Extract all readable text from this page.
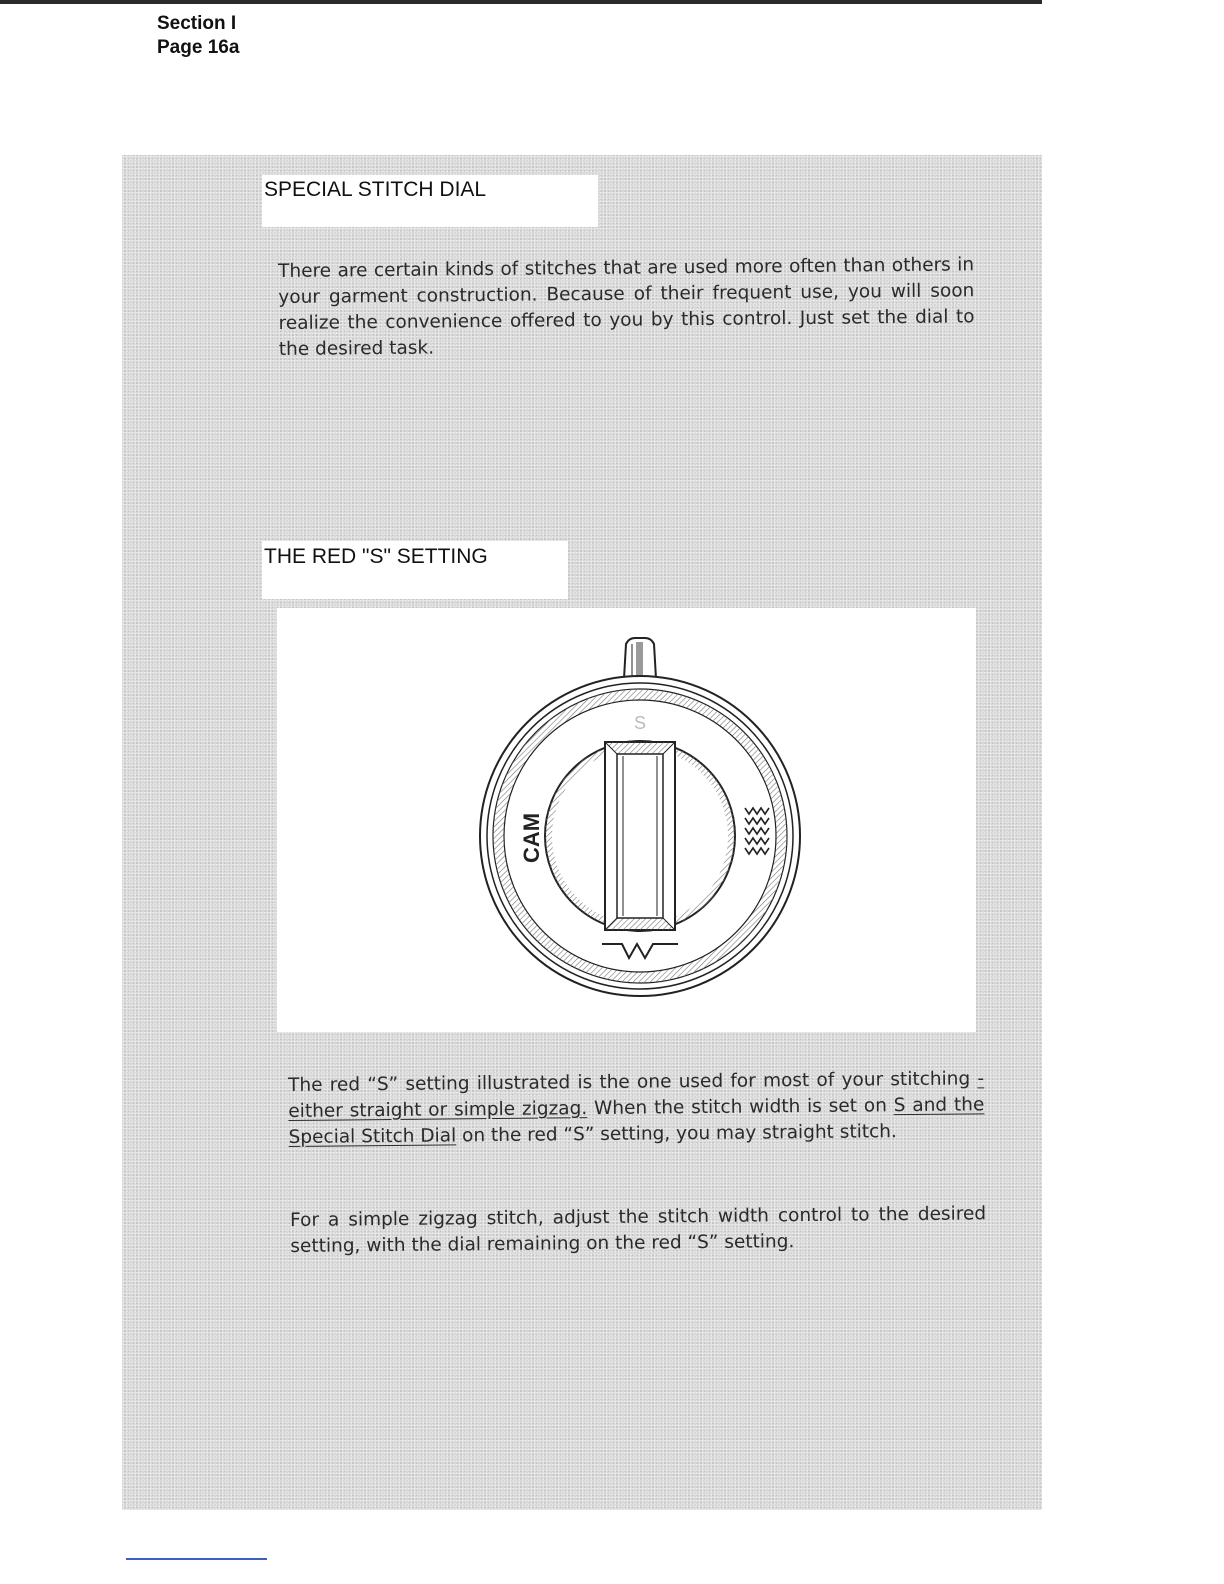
Section I
Page 16a
SPECIAL STITCH DIAL
There are certain kinds of stitches that are used more often than others in your garment construction. Because of their frequent use, you will soon realize the convenience offered to you by this control. Just set the dial to the desired task.
THE RED "S" SETTING
S
CAM
The red “S” setting illustrated is the one used for most of your stitching - either straight or simple zigzag. When the stitch width is set on S and the Special Stitch Dial on the red “S” setting, you may straight stitch.
For a simple zigzag stitch, adjust the stitch width control to the desired setting, with the dial remaining on the red “S” setting.
